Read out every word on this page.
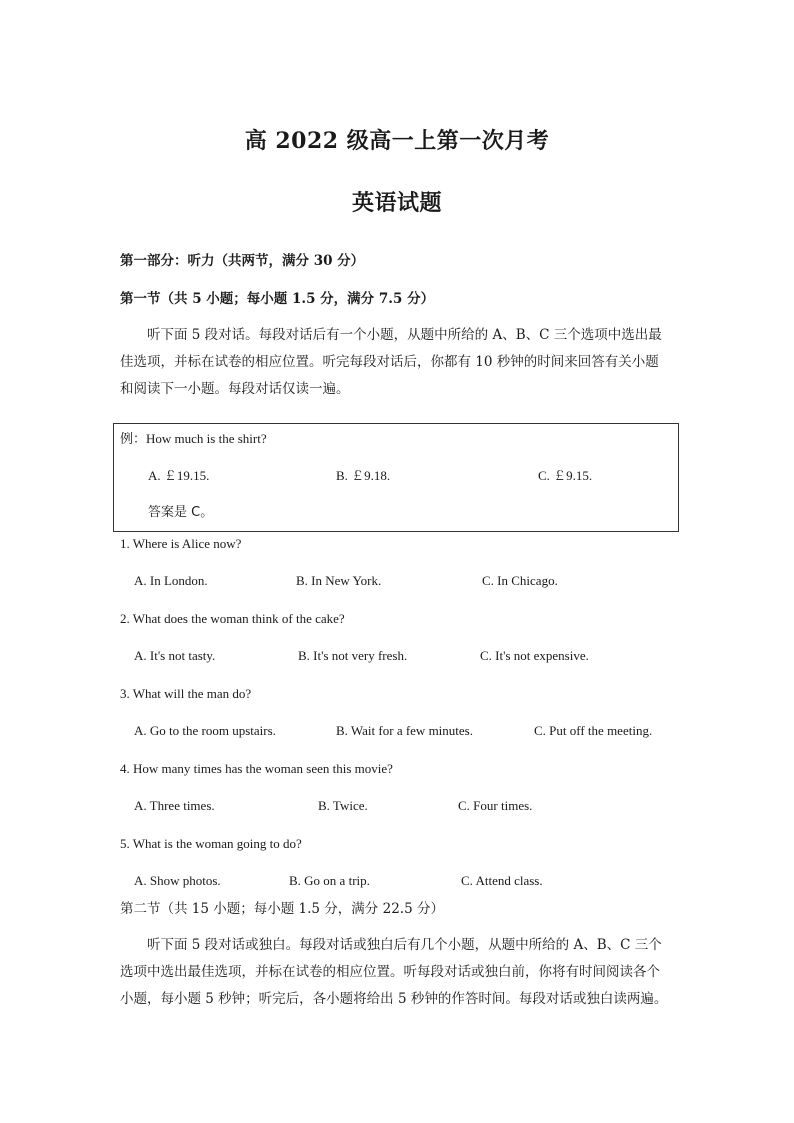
高 2022 级高一上第一次月考
英语试题
第一部分：听力（共两节，满分 30 分）
第一节（共 5 小题；每小题 1.5 分，满分 7.5 分）
听下面 5 段对话。每段对话后有一个小题，从题中所给的 A、B、C 三个选项中选出最
佳选项，并标在试卷的相应位置。听完每段对话后，你都有 10 秒钟的时间来回答有关小题
和阅读下一小题。每段对话仅读一遍。
例：How much is the shirt?
A. ￡19.15.	B. ￡9.18.	C. ￡9.15.
答案是 C。
1. Where is Alice now?
A. In London.	B. In New York.	C. In Chicago.
2. What does the woman think of the cake?
A. It's not tasty.	B. It's not very fresh.	C. It's not expensive.
3. What will the man do?
A. Go to the room upstairs.	B. Wait for a few minutes.	C. Put off the meeting.
4. How many times has the woman seen this movie?
A. Three times.	B. Twice.	C. Four times.
5. What is the woman going to do?
A. Show photos.	B. Go on a trip.	C. Attend class.
第二节（共 15 小题；每小题 1.5 分，满分 22.5 分）
听下面 5 段对话或独白。每段对话或独白后有几个小题，从题中所给的 A、B、C 三个
选项中选出最佳选项，并标在试卷的相应位置。听每段对话或独白前，你将有时间阅读各个
小题，每小题 5 秒钟；听完后，各小题将给出 5 秒钟的作答时间。每段对话或独白读两遍。
